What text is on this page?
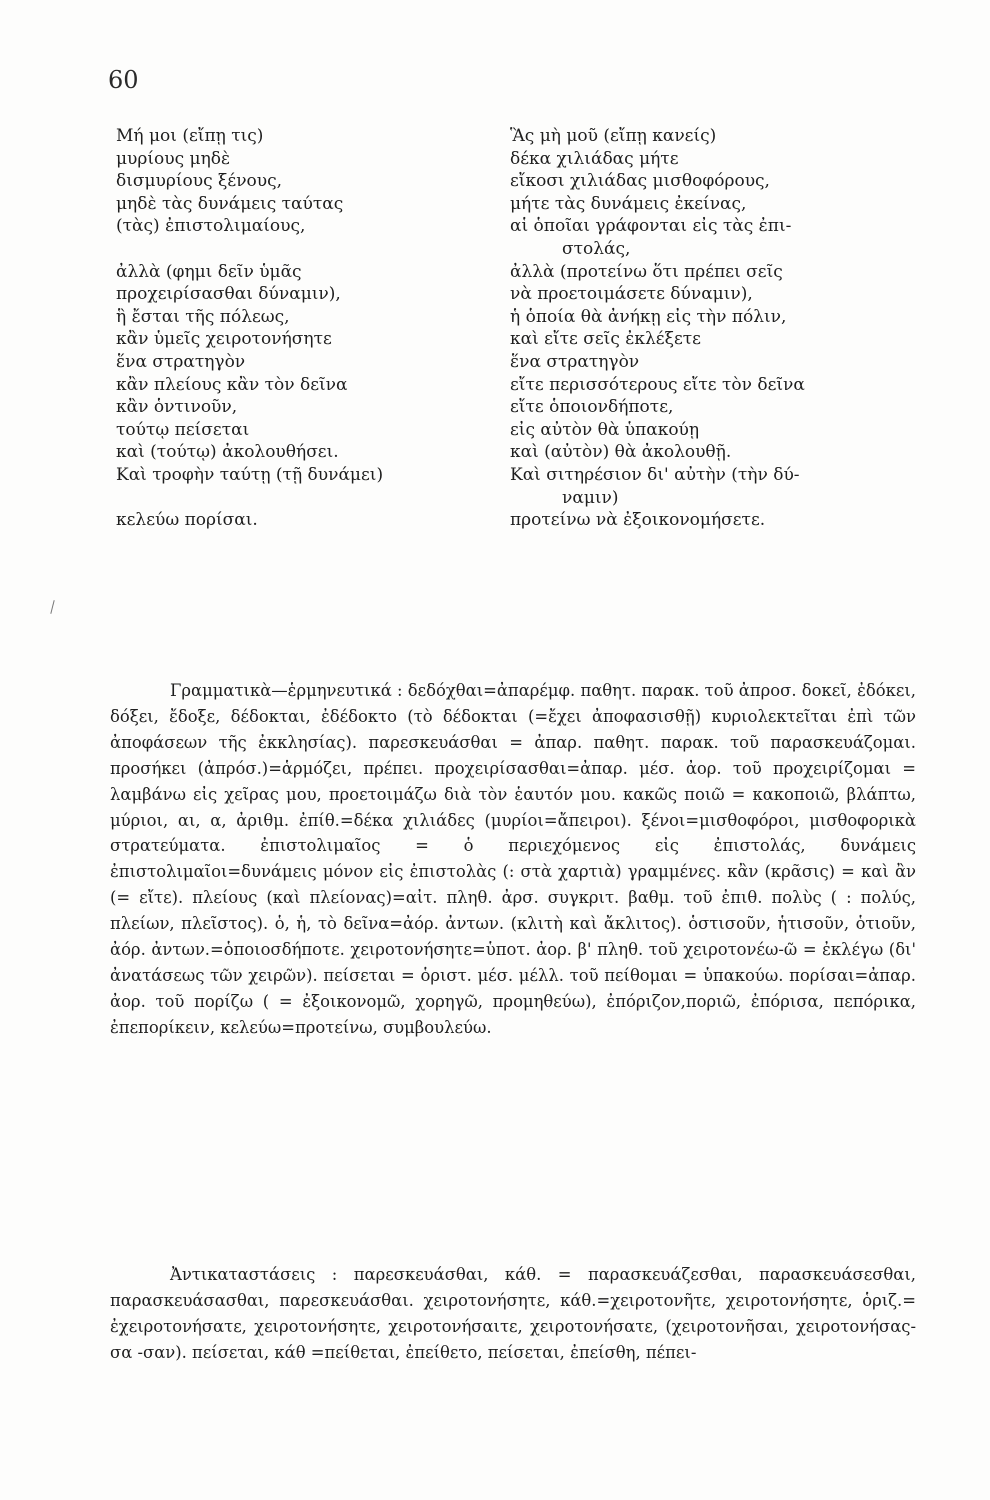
60
Μή μοι (εἴπῃ τις)
μυρίους μηδὲ
δισμυρίους ξένους,
μηδὲ τὰς δυνάμεις ταύτας
(τὰς) ἐπιστολιμαίους,
ἀλλὰ (φημι δεῖν ὑμᾶς
προχειρίσασθαι δύναμιν),
ἣ ἔσται τῆς πόλεως,
κἂν ὑμεῖς χειροτονήσητε
ἕνα στρατηγὸν
κἂν πλείους κἂν τὸν δεῖνα
κἂν ὁντινοῦν,
τούτῳ πείσεται
καὶ (τούτῳ) ἀκολουθήσει.
Καὶ τροφὴν ταύτῃ (τῇ δυνάμει)
κελεύω πορίσαι.
Ἃς μὴ μοῦ (εἴπῃ κανείς)
δέκα χιλιάδας μήτε
εἴκοσι χιλιάδας μισθοφόρους,
μήτε τὰς δυνάμεις ἐκείνας,
αἱ ὁποῖαι γράφονται εἰς τὰς ἐπι-
στολάς,
ἀλλὰ (προτείνω ὅτι πρέπει σεῖς
νὰ προετοιμάσετε δύναμιν),
ἡ ὁποία θὰ ἀνήκῃ εἰς τὴν πόλιν,
καὶ εἴτε σεῖς ἐκλέξετε
ἕνα στρατηγὸν
εἴτε περισσότερους εἴτε τὸν δεῖνα
εἴτε ὁποιονδήποτε,
εἰς αὐτὸν θὰ ὑπακούῃ
καὶ (αὐτὸν) θὰ ἀκολουθῇ.
Καὶ σιτηρέσιον δι' αὐτὴν (τὴν δύ-
ναμιν)
προτείνω νὰ ἐξοικονομήσετε.

Γραμματικὰ—ἑρμηνευτικά : δεδόχθαι=ἀπαρέμφ. παθητ. παρακ. τοῦ ἀπροσ. δοκεῖ, ἐδόκει, δόξει, ἔδοξε, δέδοκται, ἐδέδοκτο (τὸ δέδοκται (=ἔχει ἀποφασισθῇ) κυριολεκτεῖται ἐπὶ τῶν ἀποφάσεων τῆς ἐκκλησίας). παρεσκευάσθαι = ἀπαρ. παθητ. παρακ. τοῦ παρασκευάζομαι. προσήκει (ἀπρόσ.)=ἁρμόζει, πρέπει. προχειρίσασθαι=ἀπαρ. μέσ. ἀορ. τοῦ προχειρίζομαι = λαμβάνω εἰς χεῖρας μου, προετοιμάζω διὰ τὸν ἑαυτόν μου. κακῶς ποιῶ = κακοποιῶ, βλάπτω, μύριοι, αι, α, ἀριθμ. ἐπίθ.=δέκα χιλιάδες (μυρίοι=ἄπειροι). ξένοι=μισθοφόροι, μισθοφορικὰ στρατεύματα. ἐπιστολιμαῖος = ὁ περιεχόμενος εἰς ἐπιστολάς, δυνάμεις ἐπιστολιμαῖοι=δυνάμεις μόνον εἰς ἐπιστολὰς (: στὰ χαρτιὰ) γραμμένες. κἂν (κρᾶσις) = καὶ ἂν (= εἴτε). πλείους (καὶ πλείονας)=αἰτ. πληθ. ἀρσ. συγκριτ. βαθμ. τοῦ ἐπιθ. πολὺς ( : πολύς, πλείων, πλεῖστος). ὁ, ἡ, τὸ δεῖνα=ἀόρ. ἀντων. (κλιτὴ καὶ ἄκλιτος). ὁστισοῦν, ἡτισοῦν, ὁτιοῦν, ἀόρ. ἀντων.=ὁποιοσδήποτε. χειροτονήσητε=ὑποτ. ἀορ. β' πληθ. τοῦ χειροτονέω-ῶ = ἐκλέγω (δι' ἀνατάσεως τῶν χειρῶν). πείσεται = ὁριστ. μέσ. μέλλ. τοῦ πείθομαι = ὑπακούω. πορίσαι=ἀπαρ. ἀορ. τοῦ πορίζω ( = ἐξοικονομῶ, χορηγῶ, προμηθεύω), ἐπόριζον,ποριῶ, ἐπόρισα, πεπόρικα, ἐπεπορίκειν, κελεύω=προτείνω, συμβουλεύω.

Ἀντικαταστάσεις : παρεσκευάσθαι, κάθ. = παρασκευάζεσθαι, παρασκευάσεσθαι, παρασκευάσασθαι, παρεσκευάσθαι. χειροτονήσητε, κάθ.=χειροτονῆτε, χειροτονήσητε, ὁριζ.= ἐχειροτονήσατε, χειροτονήσητε, χειροτονήσαιτε, χειροτονήσατε, (χειροτονῆσαι, χειροτονήσας-σα -σαν). πείσεται, κάθ =πείθεται, ἐπείθετο, πείσεται, ἐπείσθη, πέπει-
